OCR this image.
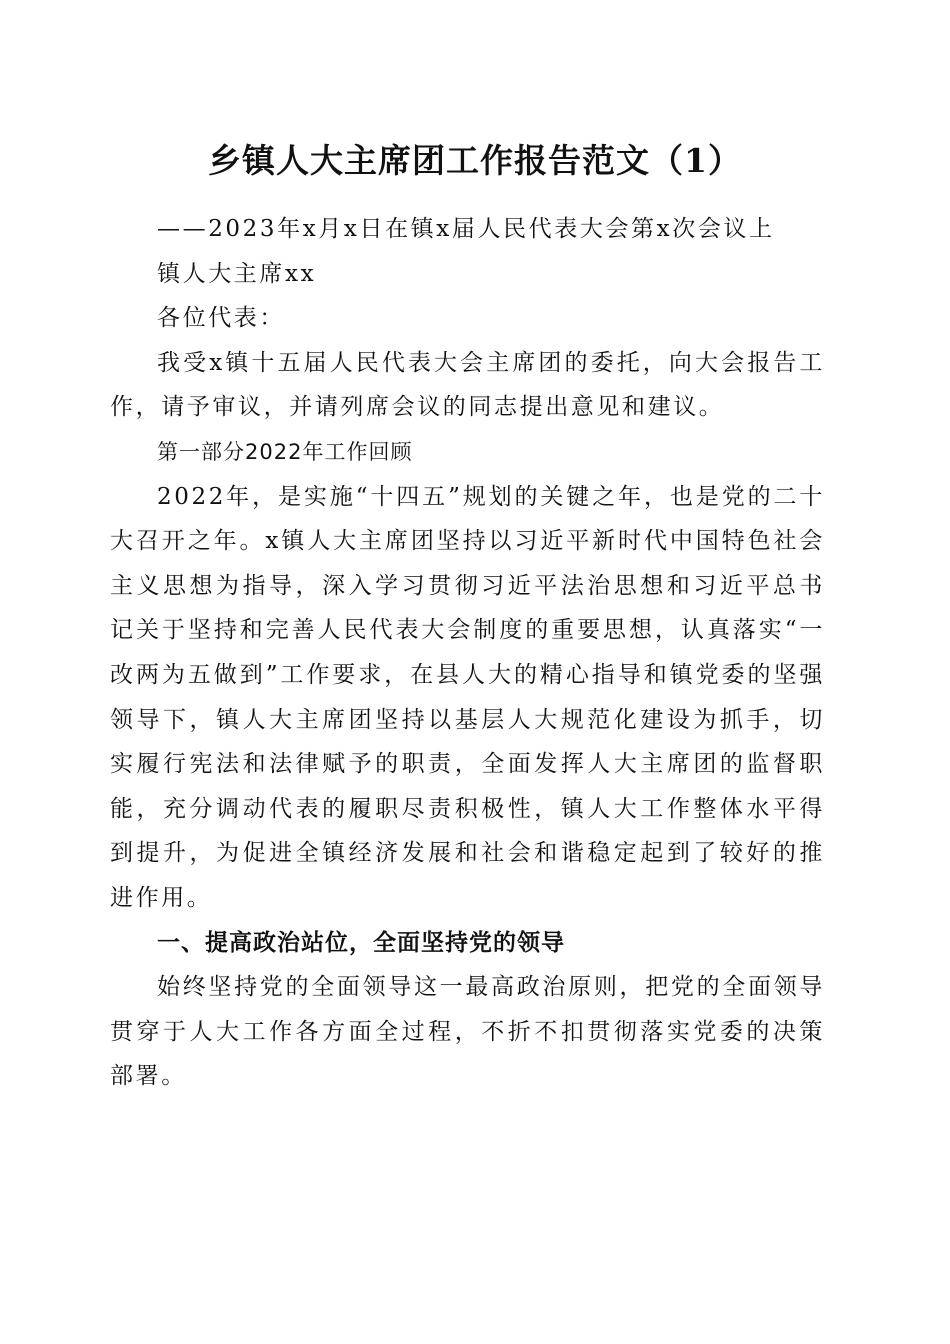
乡镇人大主席团工作报告范文（1）

——2023年x月x日在镇x届人民代表大会第x次会议上

镇人大主席xx

各位代表：

我受x镇十五届人民代表大会主席团的委托，向大会报告工作，请予审议，并请列席会议的同志提出意见和建议。

第一部分2022年工作回顾

2022年，是实施“十四五”规划的关键之年，也是党的二十大召开之年。x镇人大主席团坚持以习近平新时代中国特色社会主义思想为指导，深入学习贯彻习近平法治思想和习近平总书记关于坚持和完善人民代表大会制度的重要思想，认真落实“一改两为五做到”工作要求，在县人大的精心指导和镇党委的坚强领导下，镇人大主席团坚持以基层人大规范化建设为抓手，切实履行宪法和法律赋予的职责，全面发挥人大主席团的监督职能，充分调动代表的履职尽责积极性，镇人大工作整体水平得到提升，为促进全镇经济发展和社会和谐稳定起到了较好的推进作用。

一、提高政治站位，全面坚持党的领导

始终坚持党的全面领导这一最高政治原则，把党的全面领导贯穿于人大工作各方面全过程，不折不扣贯彻落实党委的决策部署。
